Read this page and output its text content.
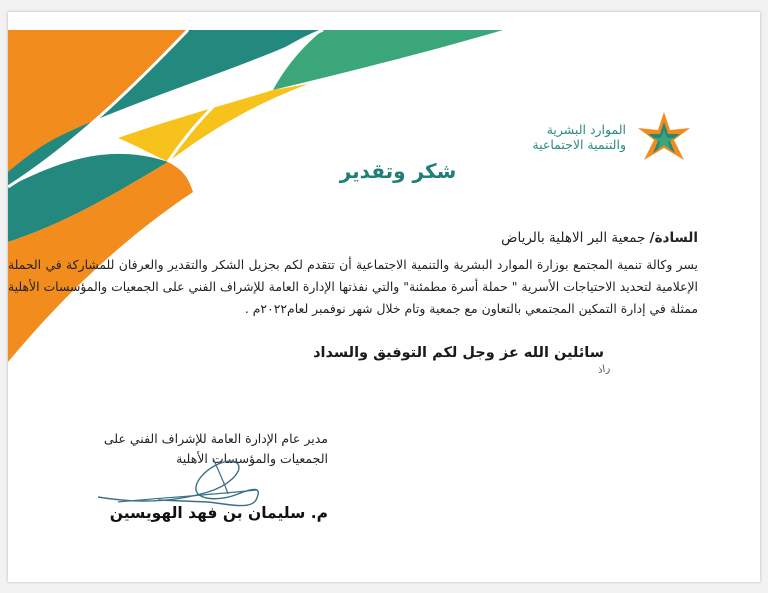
الموارد البشرية
والتنمية الاجتماعية
شكر وتقدير
السادة/ جمعية البر الاهلية بالرياض
يسر وكالة تنمية المجتمع بوزارة الموارد البشرية والتنمية الاجتماعية أن تتقدم لكم بجزيل الشكر والتقدير والعرفان للمشاركة في الحملة الإعلامية لتحديد الاحتياجات الأسرية " حملة أسرة مطمئنة" والتي نفذتها الإدارة العامة للإشراف الفني على الجمعيات والمؤسسات الأهلية ممثلة في إدارة التمكين المجتمعي بالتعاون مع جمعية وتام خلال شهر نوفمبر لعام٢٠٢٢م .
سائلين الله عز وجل لكم التوفيق والسداد
راذ
مدير عام الإدارة العامة للإشراف الفني على
الجمعيات والمؤسسات الأهلية
م. سليمان بن فهد الهويسين
